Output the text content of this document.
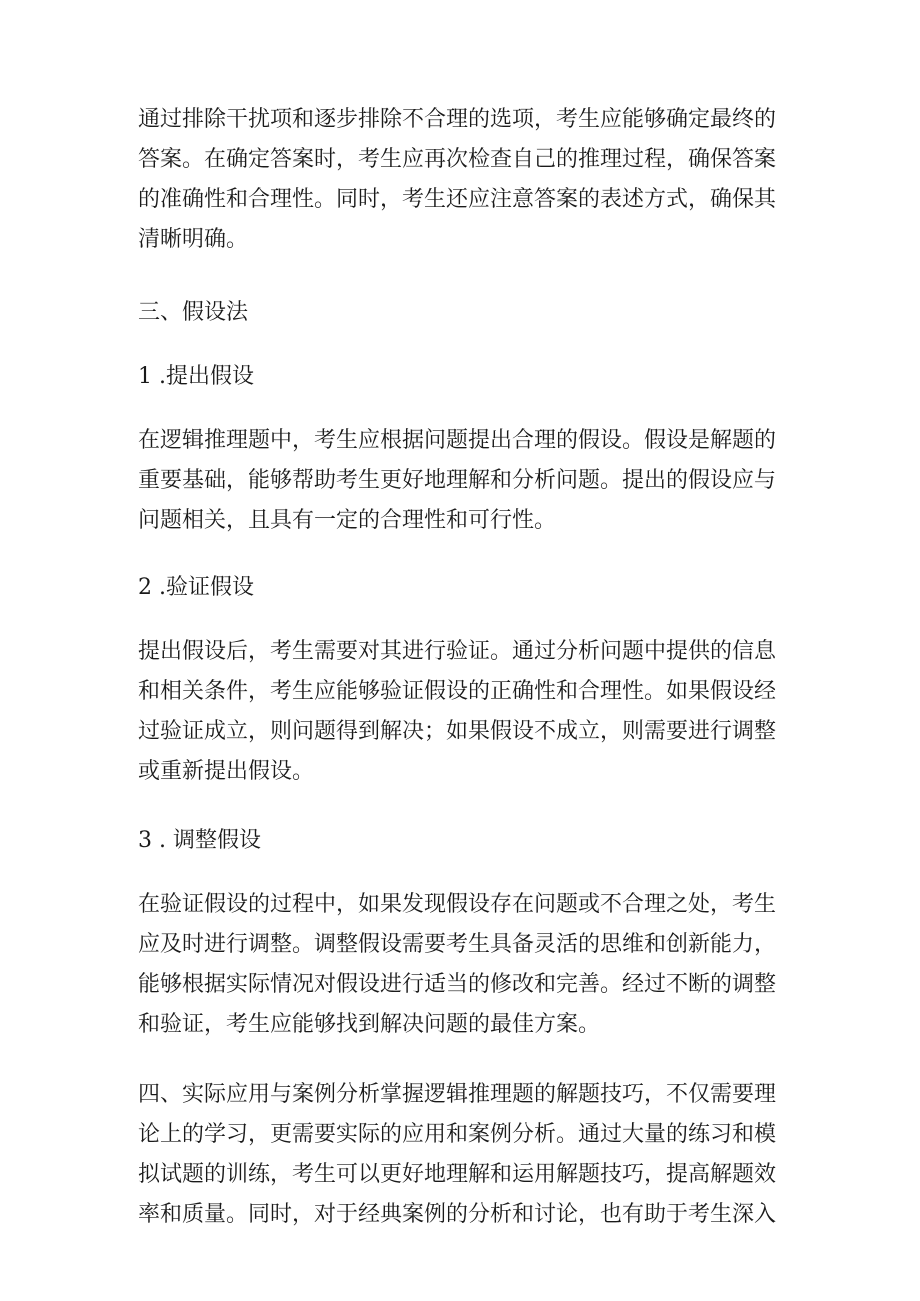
通过排除干扰项和逐步排除不合理的选项，考生应能够确定最终的
答案。在确定答案时，考生应再次检查自己的推理过程，确保答案
的准确性和合理性。同时，考生还应注意答案的表述方式，确保其
清晰明确。

三、假设法

1 .提出假设

在逻辑推理题中，考生应根据问题提出合理的假设。假设是解题的
重要基础，能够帮助考生更好地理解和分析问题。提出的假设应与
问题相关，且具有一定的合理性和可行性。

2 .验证假设

提出假设后，考生需要对其进行验证。通过分析问题中提供的信息
和相关条件，考生应能够验证假设的正确性和合理性。如果假设经
过验证成立，则问题得到解决；如果假设不成立，则需要进行调整
或重新提出假设。

3 . 调整假设

在验证假设的过程中，如果发现假设存在问题或不合理之处，考生
应及时进行调整。调整假设需要考生具备灵活的思维和创新能力，
能够根据实际情况对假设进行适当的修改和完善。经过不断的调整
和验证，考生应能够找到解决问题的最佳方案。

四、实际应用与案例分析掌握逻辑推理题的解题技巧，不仅需要理
论上的学习，更需要实际的应用和案例分析。通过大量的练习和模
拟试题的训练，考生可以更好地理解和运用解题技巧，提高解题效
率和质量。同时，对于经典案例的分析和讨论，也有助于考生深入
